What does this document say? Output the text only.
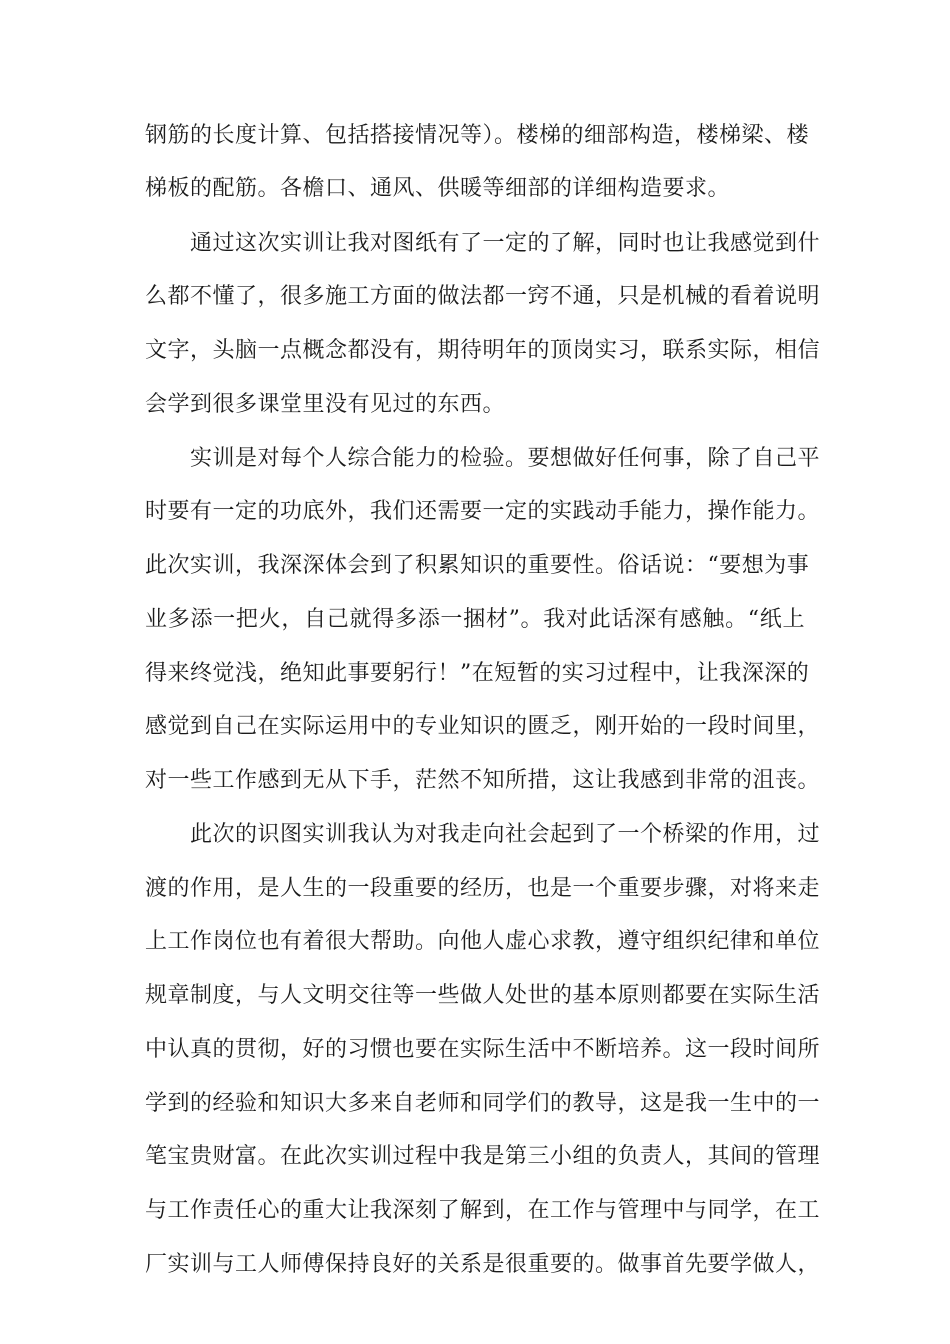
钢筋的长度计算、包括搭接情况等）。楼梯的细部构造，楼梯梁、楼
梯板的配筋。各檐口、通风、供暖等细部的详细构造要求。
通过这次实训让我对图纸有了一定的了解，同时也让我感觉到什
么都不懂了，很多施工方面的做法都一窍不通，只是机械的看着说明
文字，头脑一点概念都没有，期待明年的顶岗实习，联系实际，相信
会学到很多课堂里没有见过的东西。
实训是对每个人综合能力的检验。要想做好任何事，除了自己平
时要有一定的功底外，我们还需要一定的实践动手能力，操作能力。
此次实训，我深深体会到了积累知识的重要性。俗话说：“要想为事
业多添一把火，自己就得多添一捆材”。我对此话深有感触。“纸上
得来终觉浅，绝知此事要躬行！”在短暂的实习过程中，让我深深的
感觉到自己在实际运用中的专业知识的匮乏，刚开始的一段时间里，
对一些工作感到无从下手，茫然不知所措，这让我感到非常的沮丧。
此次的识图实训我认为对我走向社会起到了一个桥梁的作用，过
渡的作用，是人生的一段重要的经历，也是一个重要步骤，对将来走
上工作岗位也有着很大帮助。向他人虚心求教，遵守组织纪律和单位
规章制度，与人文明交往等一些做人处世的基本原则都要在实际生活
中认真的贯彻，好的习惯也要在实际生活中不断培养。这一段时间所
学到的经验和知识大多来自老师和同学们的教导，这是我一生中的一
笔宝贵财富。在此次实训过程中我是第三小组的负责人，其间的管理
与工作责任心的重大让我深刻了解到，在工作与管理中与同学，在工
厂实训与工人师傅保持良好的关系是很重要的。做事首先要学做人，
